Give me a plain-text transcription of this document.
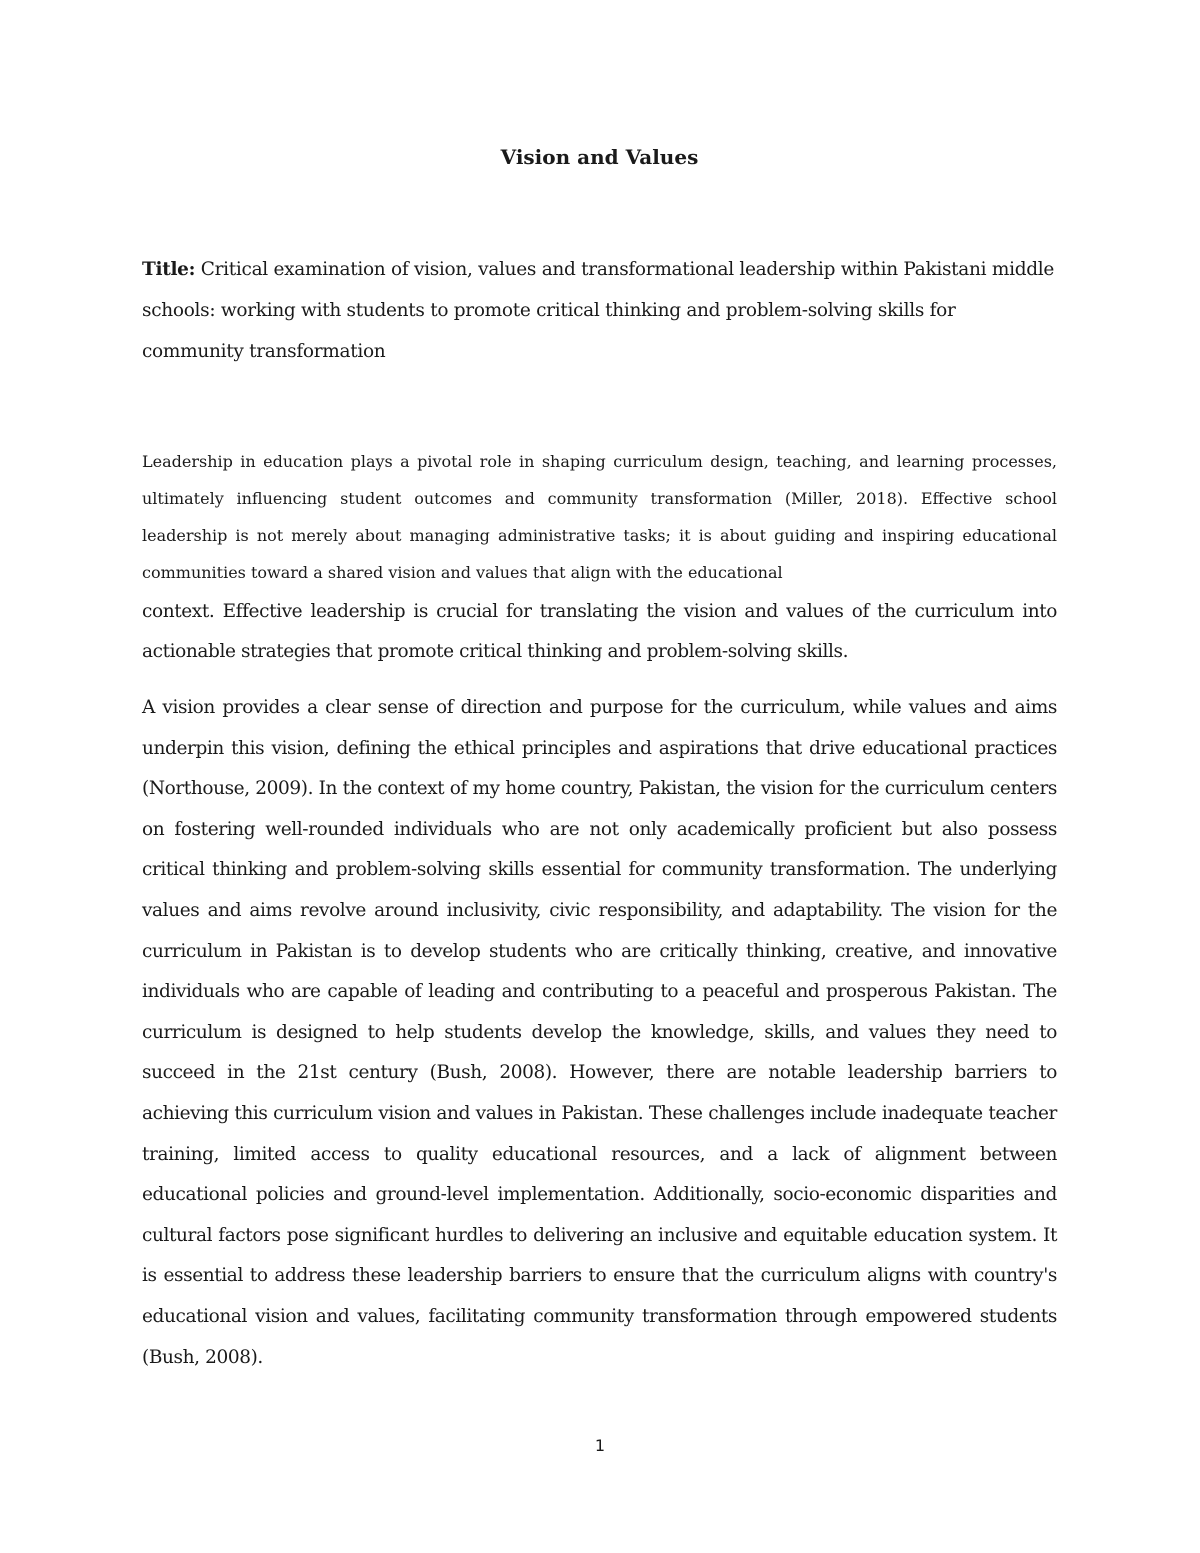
Vision and Values

Title: Critical examination of vision, values and transformational leadership within Pakistani middle schools: working with students to promote critical thinking and problem-solving skills for community transformation

Leadership in education plays a pivotal role in shaping curriculum design, teaching, and learning processes, ultimately influencing student outcomes and community transformation (Miller, 2018). Effective school leadership is not merely about managing administrative tasks; it is about guiding and inspiring educational communities toward a shared vision and values that align with the educational

context. Effective leadership is crucial for translating the vision and values of the curriculum into actionable strategies that promote critical thinking and problem-solving skills.

A vision provides a clear sense of direction and purpose for the curriculum, while values and aims underpin this vision, defining the ethical principles and aspirations that drive educational practices (Northouse, 2009). In the context of my home country, Pakistan, the vision for the curriculum centers on fostering well-rounded individuals who are not only academically proficient but also possess critical thinking and problem-solving skills essential for community transformation. The underlying values and aims revolve around inclusivity, civic responsibility, and adaptability. The vision for the curriculum in Pakistan is to develop students who are critically thinking, creative, and innovative individuals who are capable of leading and contributing to a peaceful and prosperous Pakistan. The curriculum is designed to help students develop the knowledge, skills, and values they need to succeed in the 21st century (Bush, 2008). However, there are notable leadership barriers to achieving this curriculum vision and values in Pakistan. These challenges include inadequate teacher training, limited access to quality educational resources, and a lack of alignment between educational policies and ground-level implementation. Additionally, socio-economic disparities and cultural factors pose significant hurdles to delivering an inclusive and equitable education system. It is essential to address these leadership barriers to ensure that the curriculum aligns with country's educational vision and values, facilitating community transformation through empowered students (Bush, 2008).

1
